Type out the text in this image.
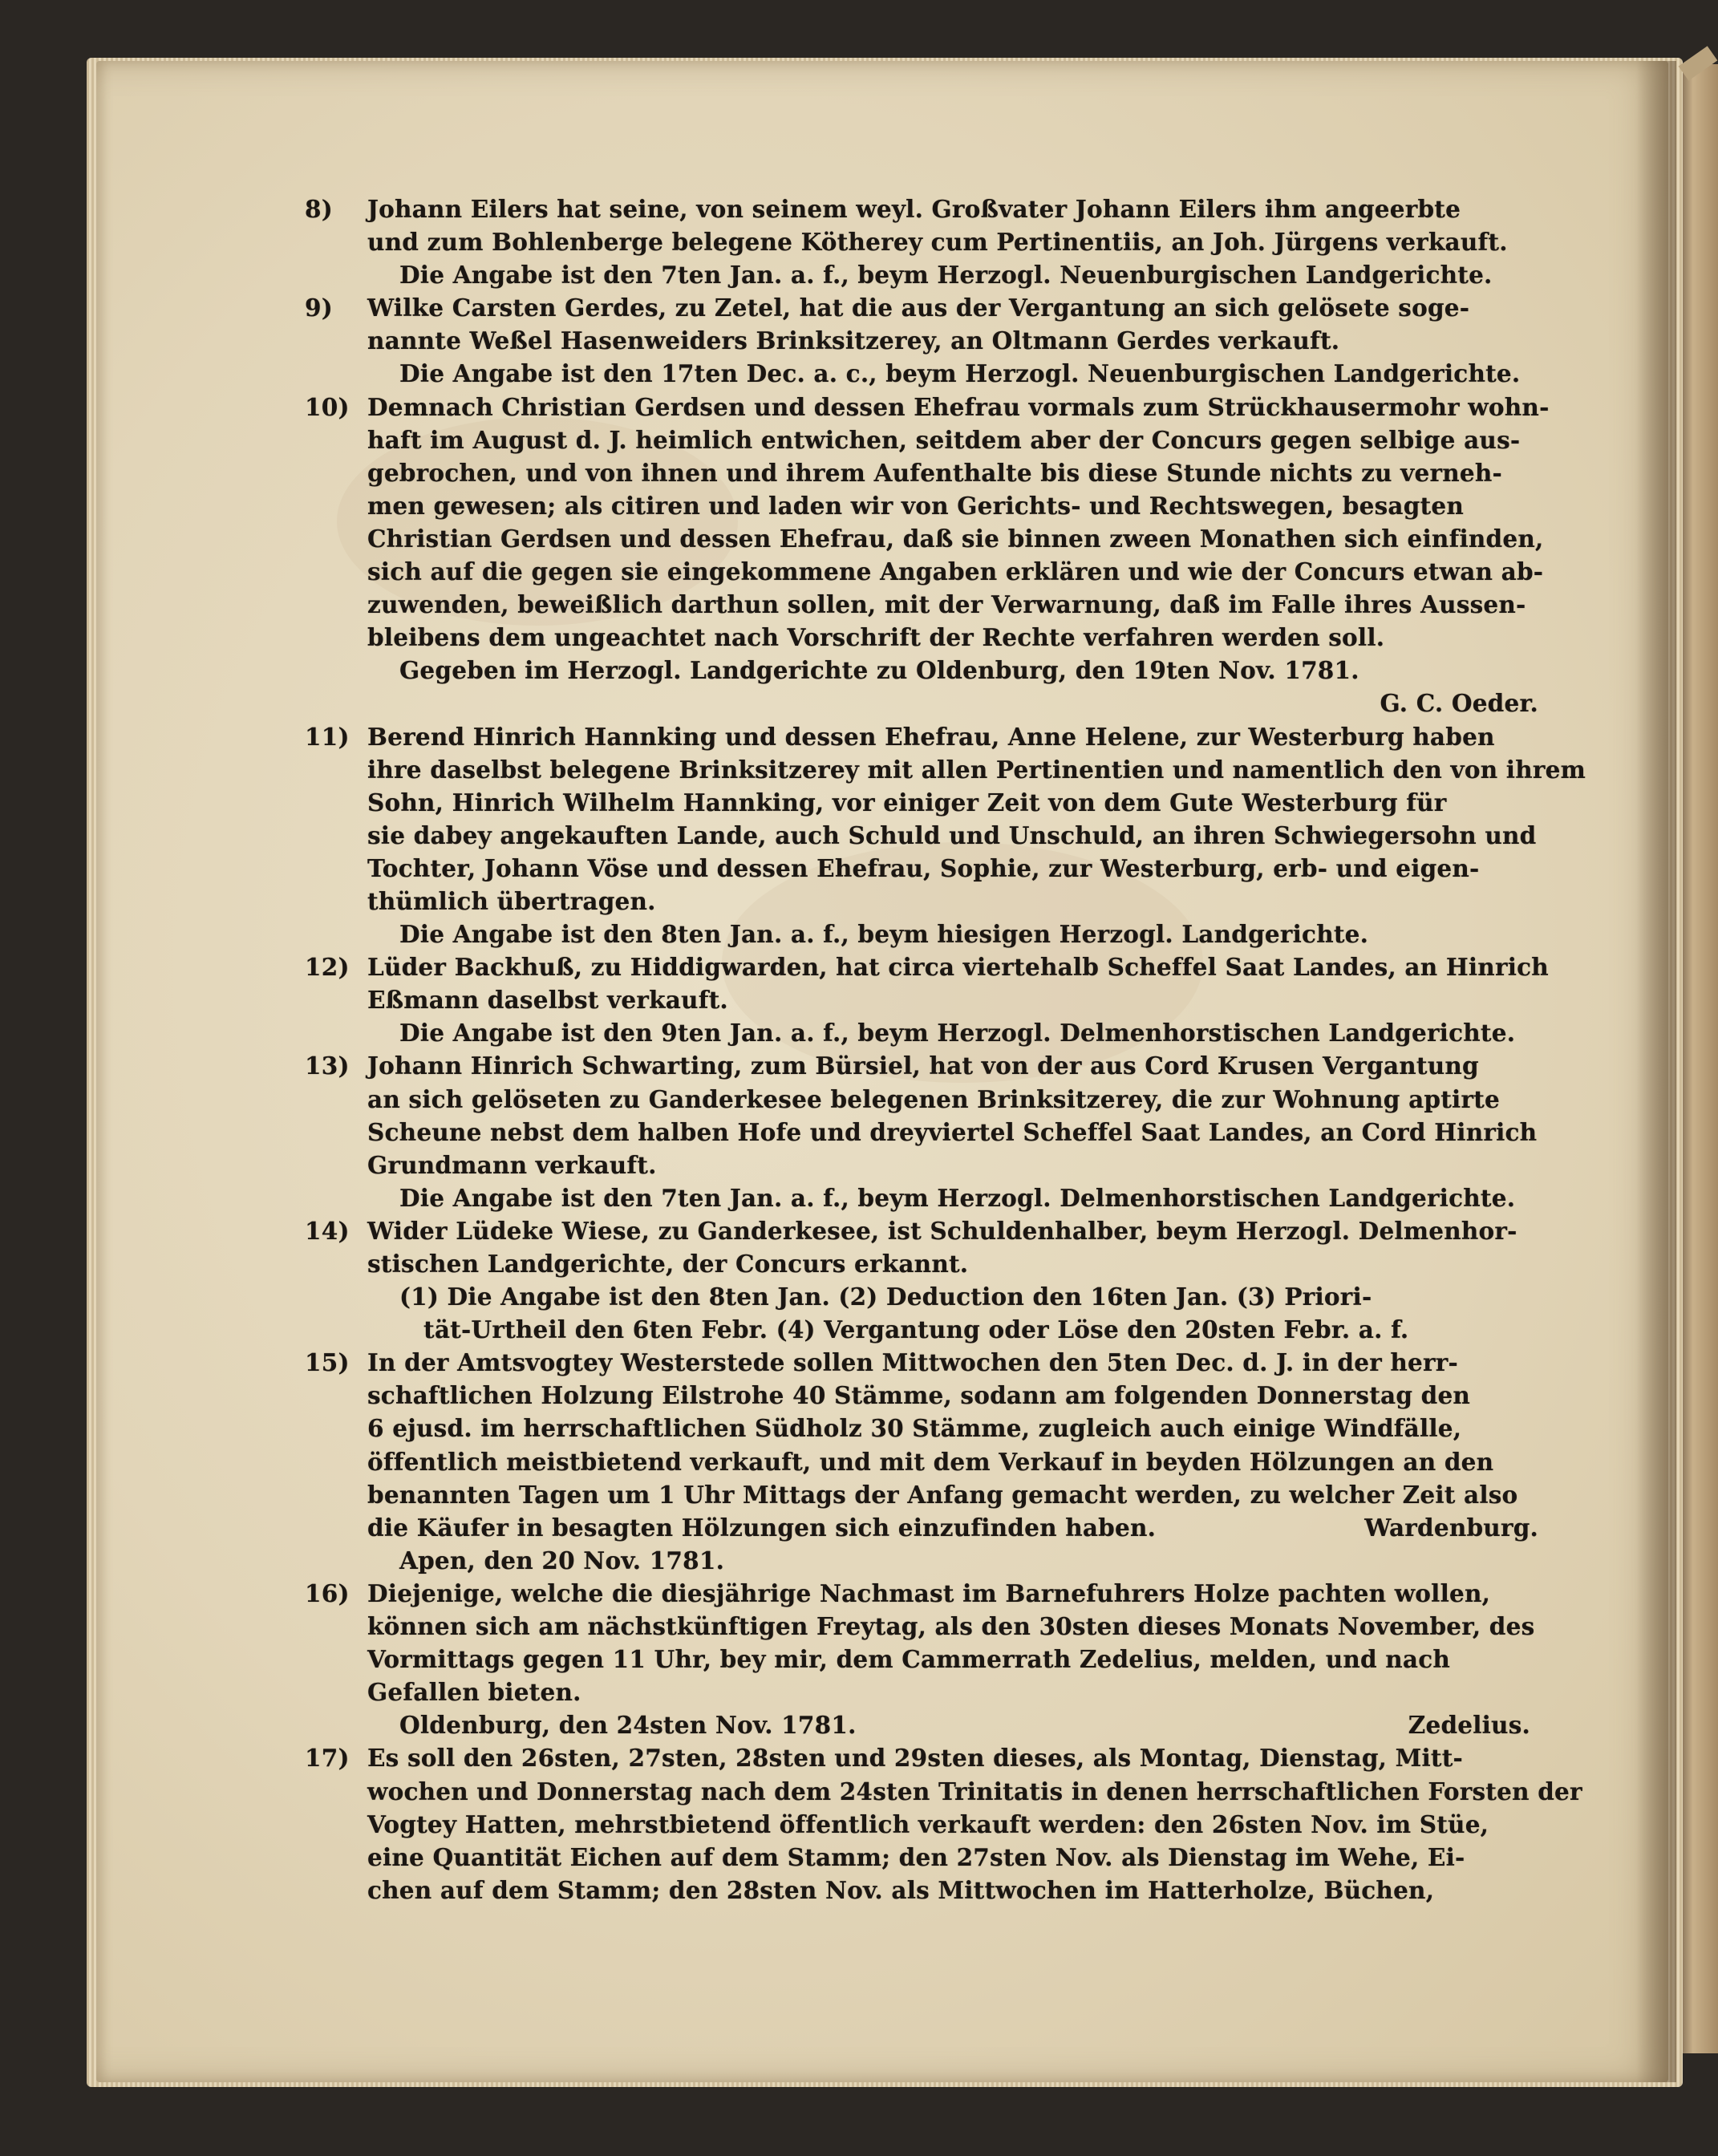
8)	Johann Eilers hat seine, von seinem weyl. Großvater Johann Eilers ihm angeerbte
und zum Bohlenberge belegene Kötherey cum Pertinentiis, an Joh. Jürgens verkauft.
Die Angabe ist den 7ten Jan. a. f., beym Herzogl. Neuenburgischen Landgerichte.
9)	Wilke Carsten Gerdes, zu Zetel, hat die aus der Vergantung an sich gelösete soge-
nannte Weßel Hasenweiders Brinksitzerey, an Oltmann Gerdes verkauft.
Die Angabe ist den 17ten Dec. a. c., beym Herzogl. Neuenburgischen Landgerichte.
10) Demnach Christian Gerdsen und dessen Ehefrau vormals zum Strückhausermohr wohn-
haft im August d. J. heimlich entwichen, seitdem aber der Concurs gegen selbige aus-
gebrochen, und von ihnen und ihrem Aufenthalte bis diese Stunde nichts zu verneh-
men gewesen; als citiren und laden wir von Gerichts- und Rechtswegen, besagten
Christian Gerdsen und dessen Ehefrau, daß sie binnen zween Monathen sich einfinden,
sich auf die gegen sie eingekommene Angaben erklären und wie der Concurs etwan ab-
zuwenden, beweißlich darthun sollen, mit der Verwarnung, daß im Falle ihres Aussen-
bleibens dem ungeachtet nach Vorschrift der Rechte verfahren werden soll.
Gegeben im Herzogl. Landgerichte zu Oldenburg, den 19ten Nov. 1781.
G. C. Oeder.
11) Berend Hinrich Hannking und dessen Ehefrau, Anne Helene, zur Westerburg haben
ihre daselbst belegene Brinksitzerey mit allen Pertinentien und namentlich den von ihrem
Sohn, Hinrich Wilhelm Hannking, vor einiger Zeit von dem Gute Westerburg für
sie dabey angekauften Lande, auch Schuld und Unschuld, an ihren Schwiegersohn und
Tochter, Johann Vöse und dessen Ehefrau, Sophie, zur Westerburg, erb- und eigen-
thümlich übertragen.
Die Angabe ist den 8ten Jan. a. f., beym hiesigen Herzogl. Landgerichte.
12) Lüder Backhuß, zu Hiddigwarden, hat circa viertehalb Scheffel Saat Landes, an Hinrich
Eßmann daselbst verkauft.
Die Angabe ist den 9ten Jan. a. f., beym Herzogl. Delmenhorstischen Landgerichte.
13) Johann Hinrich Schwarting, zum Bürsiel, hat von der aus Cord Krusen Vergantung
an sich gelöseten zu Ganderkesee belegenen Brinksitzerey, die zur Wohnung aptirte
Scheune nebst dem halben Hofe und dreyviertel Scheffel Saat Landes, an Cord Hinrich
Grundmann verkauft.
Die Angabe ist den 7ten Jan. a. f., beym Herzogl. Delmenhorstischen Landgerichte.
14) Wider Lüdeke Wiese, zu Ganderkesee, ist Schuldenhalber, beym Herzogl. Delmenhor-
stischen Landgerichte, der Concurs erkannt.
(1) Die Angabe ist den 8ten Jan. (2) Deduction den 16ten Jan. (3) Priori-
tät-Urtheil den 6ten Febr. (4) Vergantung oder Löse den 20sten Febr. a. f.
15) In der Amtsvogtey Westerstede sollen Mittwochen den 5ten Dec. d. J. in der herr-
schaftlichen Holzung Eilstrohe 40 Stämme, sodann am folgenden Donnerstag den
6 ejusd. im herrschaftlichen Südholz 30 Stämme, zugleich auch einige Windfälle,
öffentlich meistbietend verkauft, und mit dem Verkauf in beyden Hölzungen an den
benannten Tagen um 1 Uhr Mittags der Anfang gemacht werden, zu welcher Zeit also
die Käufer in besagten Hölzungen sich einzufinden haben.	Wardenburg.
Apen, den 20 Nov. 1781.
16) Diejenige, welche die diesjährige Nachmast im Barnefuhrers Holze pachten wollen,
können sich am nächstkünftigen Freytag, als den 30sten dieses Monats November, des
Vormittags gegen 11 Uhr, bey mir, dem Cammerrath Zedelius, melden, und nach
Gefallen bieten.
Oldenburg, den 24sten Nov. 1781.	Zedelius.
17) Es soll den 26sten, 27sten, 28sten und 29sten dieses, als Montag, Dienstag, Mitt-
wochen und Donnerstag nach dem 24sten Trinitatis in denen herrschaftlichen Forsten der
Vogtey Hatten, mehrstbietend öffentlich verkauft werden: den 26sten Nov. im Stüe,
eine Quantität Eichen auf dem Stamm; den 27sten Nov. als Dienstag im Wehe, Ei-
chen auf dem Stamm; den 28sten Nov. als Mittwochen im Hatterholze, Büchen,
